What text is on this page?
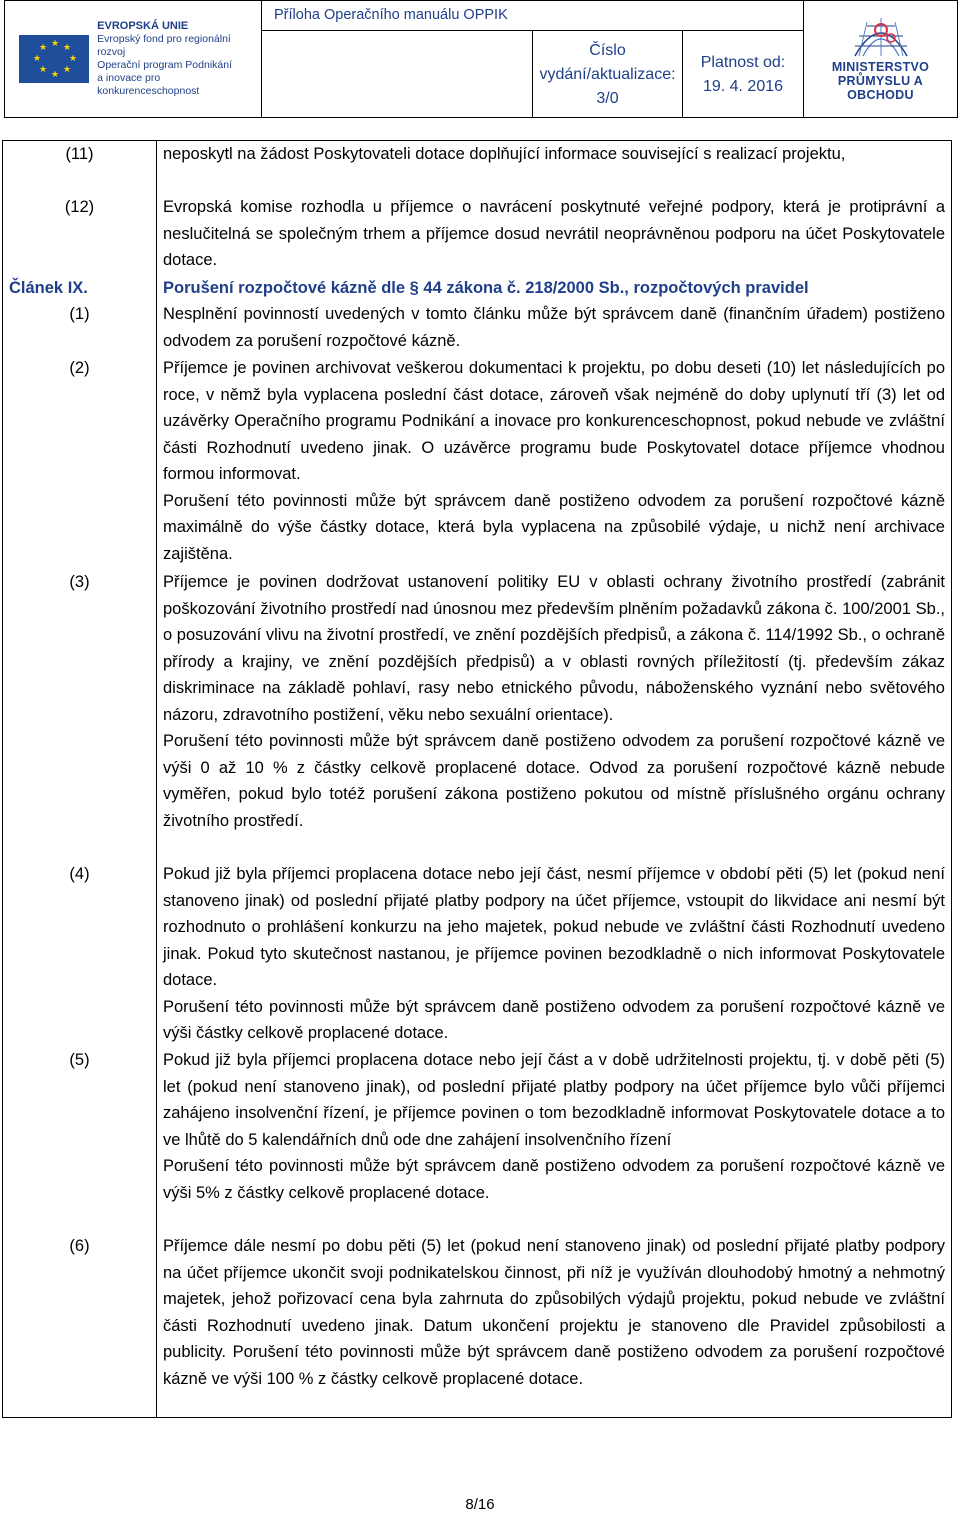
★ ★
★
★
★
★
★
★
EVROPSKÁ UNIE
Evropský fond pro regionální rozvoj
Operační program Podnikání
a inovace pro konkurenceschopnost
Příloha Operačního manuálu OPPIK
Číslo vydání/aktualizace:
3/0
Platnost od:
19. 4. 2016
MINISTERSTVO
PRŮMYSLU A OBCHODU
(11)	neposkytl na žádost Poskytovateli dotace doplňující informace související s realizací projektu,
(12)	Evropská komise rozhodla u příjemce o navrácení poskytnuté veřejné podpory, která je protiprávní a neslučitelná se společným trhem a příjemce dosud nevrátil neoprávněnou podporu na účet Poskytovatele dotace.
Článek IX.	Porušení rozpočtové kázně dle § 44 zákona č. 218/2000 Sb., rozpočtových pravidel
(1)	Nesplnění povinností uvedených v tomto článku může být správcem daně (finančním úřadem) postiženo odvodem za porušení rozpočtové kázně.
(2)	Příjemce je povinen archivovat veškerou dokumentaci k projektu, po dobu deseti (10) let následujících po roce, v němž byla vyplacena poslední část dotace, zároveň však nejméně do doby uplynutí tří (3) let od uzávěrky Operačního programu Podnikání a inovace pro konkurenceschopnost, pokud nebude ve zvláštní části Rozhodnutí uvedeno jinak. O uzávěrce programu bude Poskytovatel dotace příjemce vhodnou formou informovat.
Porušení této povinnosti může být správcem daně postiženo odvodem za porušení rozpočtové kázně maximálně do výše částky dotace, která byla vyplacena na způsobilé výdaje, u nichž není archivace zajištěna.
(3)	Příjemce je povinen dodržovat ustanovení politiky EU v oblasti ochrany životního prostředí (zabránit poškozování životního prostředí nad únosnou mez především plněním požadavků zákona č. 100/2001 Sb., o posuzování vlivu na životní prostředí, ve znění pozdějších předpisů, a zákona č. 114/1992 Sb., o ochraně přírody a krajiny, ve znění pozdějších předpisů) a v oblasti rovných příležitostí (tj. především zákaz diskriminace na základě pohlaví, rasy nebo etnického původu, náboženského vyznání nebo světového názoru, zdravotního postižení, věku nebo sexuální orientace).
Porušení této povinnosti může být správcem daně postiženo odvodem za porušení rozpočtové kázně ve výši 0 až 10 % z částky celkově proplacené dotace. Odvod za porušení rozpočtové kázně nebude vyměřen, pokud bylo totéž porušení zákona postiženo pokutou od místně příslušného orgánu ochrany životního prostředí.
(4)	Pokud již byla příjemci proplacena dotace nebo její část, nesmí příjemce v období pěti (5) let (pokud není stanoveno jinak) od poslední přijaté platby podpory na účet příjemce, vstoupit do likvidace ani nesmí být rozhodnuto o prohlášení konkurzu na jeho majetek, pokud nebude ve zvláštní části Rozhodnutí uvedeno jinak. Pokud tyto skutečnost nastanou, je příjemce povinen bezodkladně o nich informovat Poskytovatele dotace.
Porušení této povinnosti může být správcem daně postiženo odvodem za porušení rozpočtové kázně ve výši částky celkově proplacené dotace.
(5)	Pokud již byla příjemci proplacena dotace nebo její část a v době udržitelnosti projektu, tj. v době pěti (5) let (pokud není stanoveno jinak), od poslední přijaté platby podpory na účet příjemce bylo vůči příjemci zahájeno insolvenční řízení, je příjemce povinen o tom bezodkladně informovat Poskytovatele dotace a to ve lhůtě do 5 kalendářních dnů ode dne zahájení insolvenčního řízení
Porušení této povinnosti může být správcem daně postiženo odvodem za porušení rozpočtové kázně ve výši 5% z částky celkově proplacené dotace.
(6)	Příjemce dále nesmí po dobu pěti (5) let (pokud není stanoveno jinak) od poslední přijaté platby podpory na účet příjemce ukončit svoji podnikatelskou činnost, při níž je využíván dlouhodobý hmotný a nehmotný majetek, jehož pořizovací cena byla zahrnuta do způsobilých výdajů projektu, pokud nebude ve zvláštní části Rozhodnutí uvedeno jinak. Datum ukončení projektu je stanoveno dle Pravidel způsobilosti a publicity. Porušení této povinnosti může být správcem daně postiženo odvodem za porušení rozpočtové kázně ve výši 100 % z částky celkově proplacené dotace.
8/16
